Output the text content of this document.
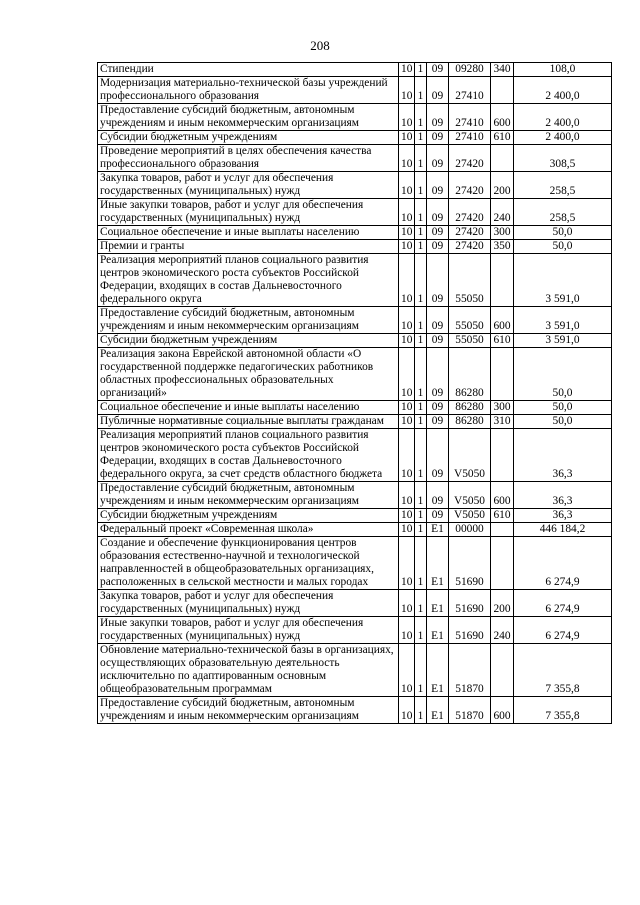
208
Стипендии	10	1	09	09280	340	108,0
Модернизация материально-технической базы учреждений профессионального образования	10	1	09	27410		2 400,0
Предоставление субсидий бюджетным, автономным учреждениям и иным некоммерческим организациям	10	1	09	27410	600	2 400,0
Субсидии бюджетным учреждениям	10	1	09	27410	610	2 400,0
Проведение мероприятий в целях обеспечения качества профессионального образования	10	1	09	27420		308,5
Закупка товаров, работ и услуг для обеспечения государственных (муниципальных) нужд	10	1	09	27420	200	258,5
Иные закупки товаров, работ и услуг для обеспечения государственных (муниципальных) нужд	10	1	09	27420	240	258,5
Социальное обеспечение и иные выплаты населению	10	1	09	27420	300	50,0
Премии и гранты	10	1	09	27420	350	50,0
Реализация мероприятий планов социального развития центров экономического роста субъектов Российской Федерации, входящих в состав Дальневосточного федерального округа	10	1	09	55050		3 591,0
Предоставление субсидий бюджетным, автономным учреждениям и иным некоммерческим организациям	10	1	09	55050	600	3 591,0
Субсидии бюджетным учреждениям	10	1	09	55050	610	3 591,0
Реализация закона Еврейской автономной области «О государственной поддержке педагогических работников областных профессиональных образовательных организаций»	10	1	09	86280		50,0
Социальное обеспечение и иные выплаты населению	10	1	09	86280	300	50,0
Публичные нормативные социальные выплаты гражданам	10	1	09	86280	310	50,0
Реализация мероприятий планов социального развития центров экономического роста субъектов Российской Федерации, входящих в состав Дальневосточного федерального округа, за счет средств областного бюджета	10	1	09	V5050		36,3
Предоставление субсидий бюджетным, автономным учреждениям и иным некоммерческим организациям	10	1	09	V5050	600	36,3
Субсидии бюджетным учреждениям	10	1	09	V5050	610	36,3
Федеральный проект «Современная школа»	10	1	E1	00000		446 184,2
Создание и обеспечение функционирования центров образования естественно-научной и технологической направленностей в общеобразовательных организациях, расположенных в сельской местности и малых городах	10	1	E1	51690		6 274,9
Закупка товаров, работ и услуг для обеспечения государственных (муниципальных) нужд	10	1	E1	51690	200	6 274,9
Иные закупки товаров, работ и услуг для обеспечения государственных (муниципальных) нужд	10	1	E1	51690	240	6 274,9
Обновление материально-технической базы в организациях, осуществляющих образовательную деятельность исключительно по адаптированным основным общеобразовательным программам	10	1	E1	51870		7 355,8
Предоставление субсидий бюджетным, автономным учреждениям и иным некоммерческим организациям	10	1	E1	51870	600	7 355,8
